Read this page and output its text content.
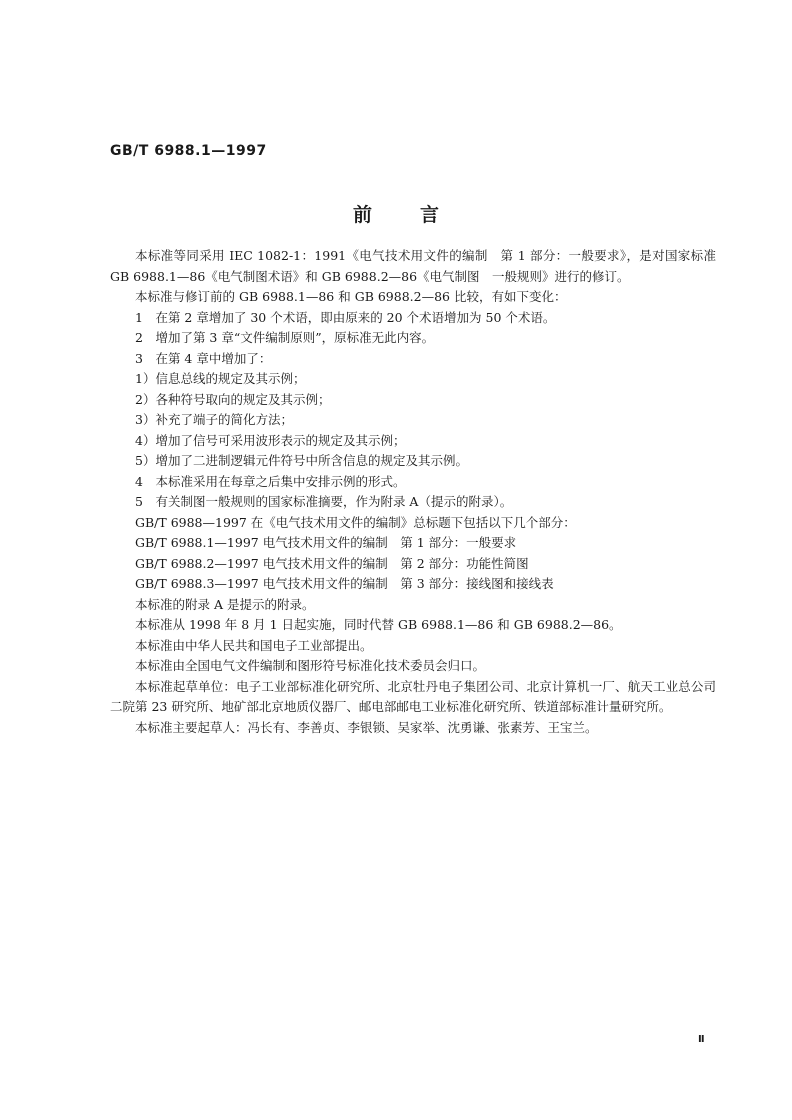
GB/T 6988.1—1997
前言

本标准等同采用 IEC 1082-1：1991《电气技术用文件的编制　第 1 部分：一般要求》，是对国家标准 GB 6988.1—86《电气制图术语》和 GB 6988.2—86《电气制图　一般规则》进行的修订。

本标准与修订前的 GB 6988.1—86 和 GB 6988.2—86 比较，有如下变化：

1　在第 2 章增加了 30 个术语，即由原来的 20 个术语增加为 50 个术语。

2　增加了第 3 章“文件编制原则”，原标准无此内容。

3　在第 4 章中增加了：

1）信息总线的规定及其示例；

2）各种符号取向的规定及其示例；

3）补充了端子的简化方法；

4）增加了信号可采用波形表示的规定及其示例；

5）增加了二进制逻辑元件符号中所含信息的规定及其示例。

4　本标准采用在每章之后集中安排示例的形式。

5　有关制图一般规则的国家标准摘要，作为附录 A（提示的附录）。

GB/T 6988—1997 在《电气技术用文件的编制》总标题下包括以下几个部分：

GB/T 6988.1—1997 电气技术用文件的编制　第 1 部分：一般要求

GB/T 6988.2—1997 电气技术用文件的编制　第 2 部分：功能性简图

GB/T 6988.3—1997 电气技术用文件的编制　第 3 部分：接线图和接线表

本标准的附录 A 是提示的附录。

本标准从 1998 年 8 月 1 日起实施，同时代替 GB 6988.1—86 和 GB 6988.2—86。

本标准由中华人民共和国电子工业部提出。

本标准由全国电气文件编制和图形符号标准化技术委员会归口。

本标准起草单位：电子工业部标准化研究所、北京牡丹电子集团公司、北京计算机一厂、航天工业总公司二院第 23 研究所、地矿部北京地质仪器厂、邮电部邮电工业标准化研究所、铁道部标准计量研究所。

本标准主要起草人：冯长有、李善贞、李银锁、吴家举、沈勇谦、张素芳、王宝兰。

Ⅱ
